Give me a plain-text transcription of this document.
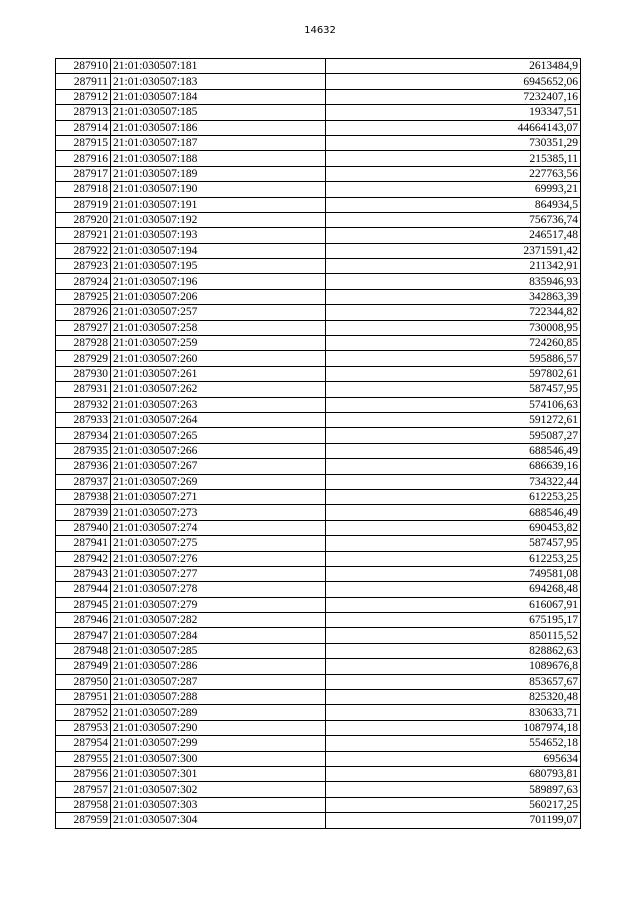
14632
287910	21:01:030507:181	2613484,9
287911	21:01:030507:183	6945652,06
287912	21:01:030507:184	7232407,16
287913	21:01:030507:185	193347,51
287914	21:01:030507:186	44664143,07
287915	21:01:030507:187	730351,29
287916	21:01:030507:188	215385,11
287917	21:01:030507:189	227763,56
287918	21:01:030507:190	69993,21
287919	21:01:030507:191	864934,5
287920	21:01:030507:192	756736,74
287921	21:01:030507:193	246517,48
287922	21:01:030507:194	2371591,42
287923	21:01:030507:195	211342,91
287924	21:01:030507:196	835946,93
287925	21:01:030507:206	342863,39
287926	21:01:030507:257	722344,82
287927	21:01:030507:258	730008,95
287928	21:01:030507:259	724260,85
287929	21:01:030507:260	595886,57
287930	21:01:030507:261	597802,61
287931	21:01:030507:262	587457,95
287932	21:01:030507:263	574106,63
287933	21:01:030507:264	591272,61
287934	21:01:030507:265	595087,27
287935	21:01:030507:266	688546,49
287936	21:01:030507:267	686639,16
287937	21:01:030507:269	734322,44
287938	21:01:030507:271	612253,25
287939	21:01:030507:273	688546,49
287940	21:01:030507:274	690453,82
287941	21:01:030507:275	587457,95
287942	21:01:030507:276	612253,25
287943	21:01:030507:277	749581,08
287944	21:01:030507:278	694268,48
287945	21:01:030507:279	616067,91
287946	21:01:030507:282	675195,17
287947	21:01:030507:284	850115,52
287948	21:01:030507:285	828862,63
287949	21:01:030507:286	1089676,8
287950	21:01:030507:287	853657,67
287951	21:01:030507:288	825320,48
287952	21:01:030507:289	830633,71
287953	21:01:030507:290	1087974,18
287954	21:01:030507:299	554652,18
287955	21:01:030507:300	695634
287956	21:01:030507:301	680793,81
287957	21:01:030507:302	589897,63
287958	21:01:030507:303	560217,25
287959	21:01:030507:304	701199,07
